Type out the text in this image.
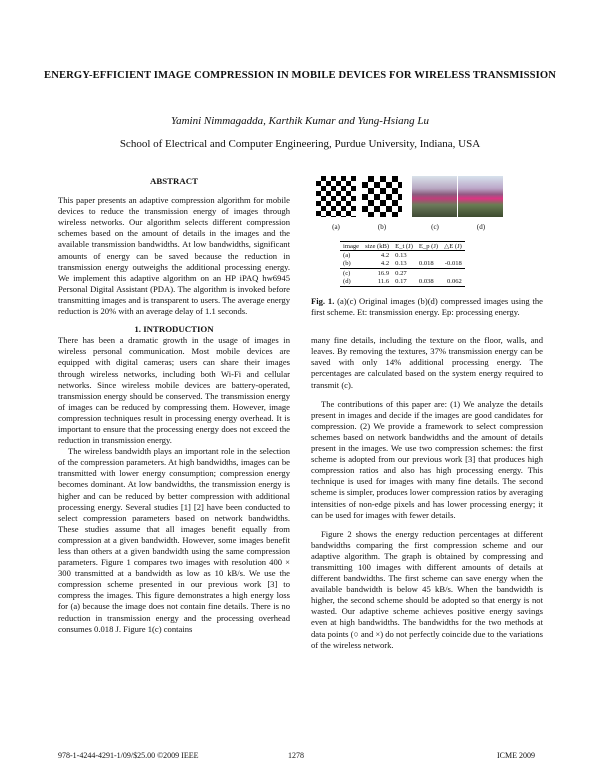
ENERGY-EFFICIENT IMAGE COMPRESSION IN MOBILE DEVICES FOR WIRELESS TRANSMISSION
Yamini Nimmagadda, Karthik Kumar and Yung-Hsiang Lu
School of Electrical and Computer Engineering, Purdue University, Indiana, USA
ABSTRACT

This paper presents an adaptive compression algorithm for mobile devices to reduce the transmission energy of images through wireless networks. Our algorithm selects different compression schemes based on the amount of details in the images and the available transmission bandwidths. At low bandwidths, significant amounts of energy can be saved because the reduction in transmission energy outweighs the additional processing energy. We implement this adaptive algorithm on an HP iPAQ hw6945 Personal Digital Assistant (PDA). The algorithm is invoked before transmitting images and is transparent to users. The average energy reduction is 20% with an average delay of 1.1 seconds.

1. INTRODUCTION

There has been a dramatic growth in the usage of images in wireless personal communication. Most mobile devices are equipped with digital cameras; users can share their images through wireless networks, including both Wi-Fi and cellular networks. Since wireless mobile devices are battery-operated, transmission energy should be conserved. The transmission energy of images can be reduced by compressing them. However, image compression techniques result in processing energy overhead. It is important to ensure that the processing energy does not exceed the reduction in transmission energy.

The wireless bandwidth plays an important role in the selection of the compression parameters. At high bandwidths, images can be transmitted with lower energy consumption; compression energy becomes dominant. At low bandwidths, the transmission energy is higher and can be reduced by better compression with additional processing energy. Several studies [1] [2] have been conducted to select compression parameters based on network bandwidths. These studies assume that all images benefit equally from compression at a given bandwidth. However, some images benefit less than others at a given bandwidth using the same compression parameters. Figure 1 compares two images with resolution 400 × 300 transmitted at a bandwidth as low as 10 kB/s. We use the compression scheme presented in our previous work [3] to compress the images. This figure demonstrates a high energy loss for (a) because the image does not contain fine details. There is no reduction in transmission energy and the processing overhead consumes 0.018 J. Figure 1(c) contains

(a)	(b)	(c)	(d)
image	size (kB)	E_t (J)	E_p (J)	△E (J)
(a)	4.2	0.13		
(b)	4.2	0.13	0.018	-0.018
(c)	16.9	0.27		
(d)	11.6	0.17	0.038	0.062

Fig. 1. (a)(c) Original images (b)(d) compressed images using the first scheme. Et: transmission energy. Ep: processing energy.

many fine details, including the texture on the floor, walls, and leaves. By removing the textures, 37% transmission energy can be saved with only 14% additional processing energy. The percentages are calculated based on the system energy required to transmit (c).

The contributions of this paper are: (1) We analyze the details present in images and decide if the images are good candidates for compression. (2) We provide a framework to select compression schemes based on network bandwidths and the amount of details present in the images. We use two compression schemes: the first scheme is adopted from our previous work [3] that produces high compression ratios and also has high processing energy. This technique is used for images with many fine details. The second scheme is simpler, produces lower compression ratios by averaging intensities of non-edge pixels and has lower processing energy; it can be used for images with fewer details.

Figure 2 shows the energy reduction percentages at different bandwidths comparing the first compression scheme and our adaptive algorithm. The graph is obtained by compressing and transmitting 100 images with different amounts of details at different bandwidths. The first scheme can save energy when the available bandwidth is below 45 kB/s. When the bandwidth is higher, the second scheme should be adopted so that energy is not wasted. Our adaptive scheme achieves positive energy savings even at high bandwidths. The bandwidths for the two methods at data points (○ and ×) do not perfectly coincide due to the variations of the wireless network.

978-1-4244-4291-1/09/$25.00 ©2009 IEEE	1278	ICME 2009
